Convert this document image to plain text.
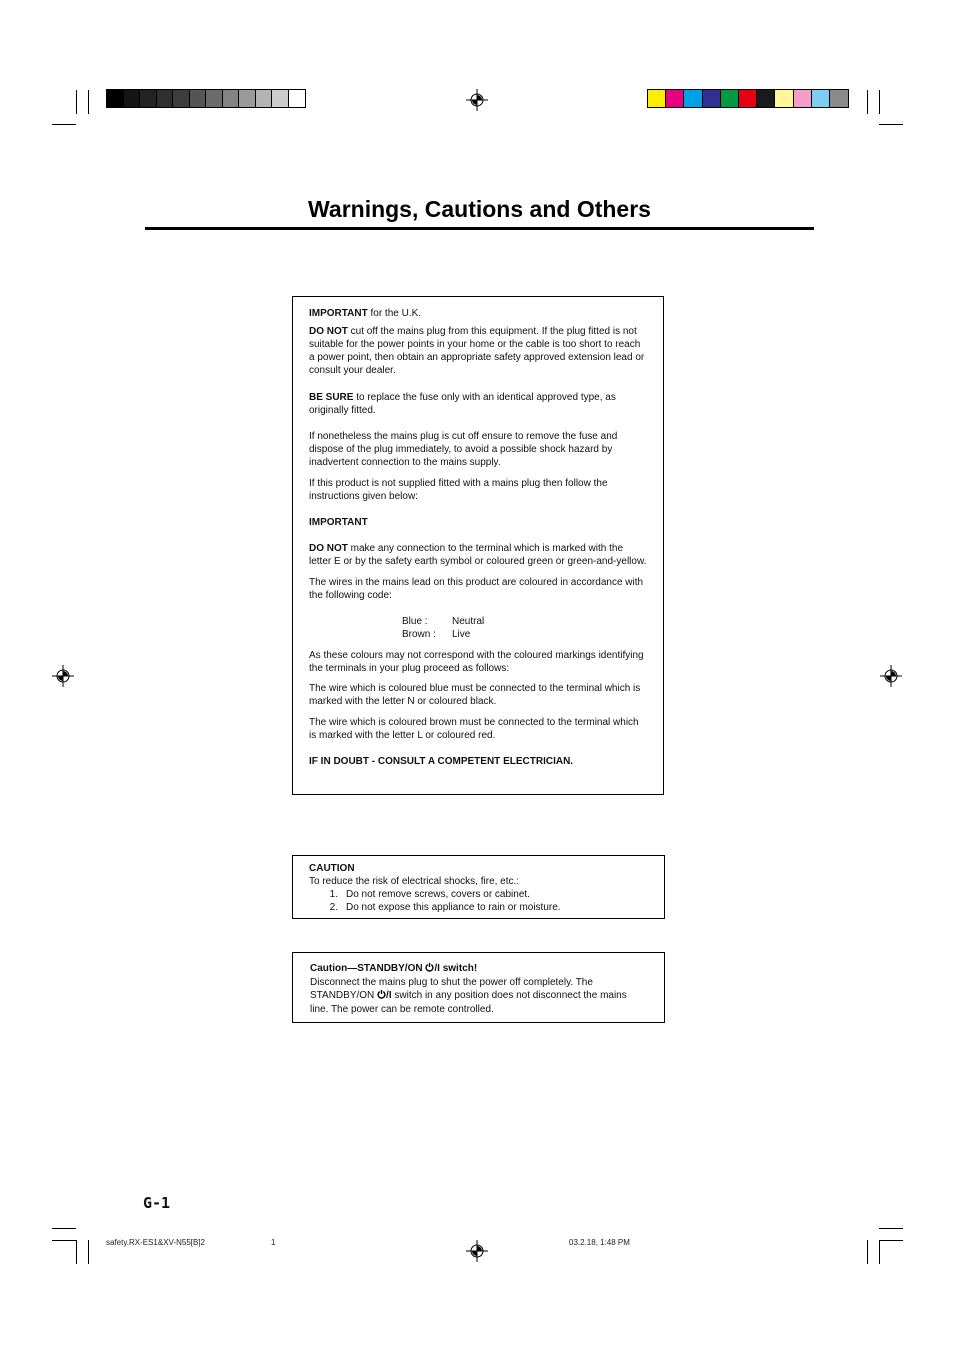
Warnings, Cautions and Others

IMPORTANT for the U.K.

DO NOT cut off the mains plug from this equipment. If the plug fitted is not suitable for the power points in your home or the cable is too short to reach a power point, then obtain an appropriate safety approved extension lead or consult your dealer.

BE SURE to replace the fuse only with an identical approved type, as originally fitted.

If nonetheless the mains plug is cut off ensure to remove the fuse and dispose of the plug immediately, to avoid a possible shock hazard by inadvertent connection to the mains supply.

If this product is not supplied fitted with a mains plug then follow the instructions given below:

IMPORTANT

DO NOT make any connection to the terminal which is marked with the letter E or by the safety earth symbol or coloured green or green-and-yellow.

The wires in the mains lead on this product are coloured in accordance with the following code:

Blue :	Neutral
Brown :	Live

As these colours may not correspond with the coloured markings identifying the terminals in your plug proceed as follows:

The wire which is coloured blue must be connected to the terminal which is marked with the letter N or coloured black.

The wire which is coloured brown must be connected to the terminal which is marked with the letter L or coloured red.

IF IN DOUBT - CONSULT A COMPETENT ELECTRICIAN.

CAUTION

To reduce the risk of electrical shocks, fire, etc.:

1. Do not remove screws, covers or cabinet.
2. Do not expose this appliance to rain or moisture.

Caution—STANDBY/ON /I switch!

Disconnect the mains plug to shut the power off completely. The

STANDBY/ON /I switch in any position does not disconnect the mains

line. The power can be remote controlled.

G-1
safety.RX-ES1&XV-N55[B]2	1	03.2.18, 1:48 PM
